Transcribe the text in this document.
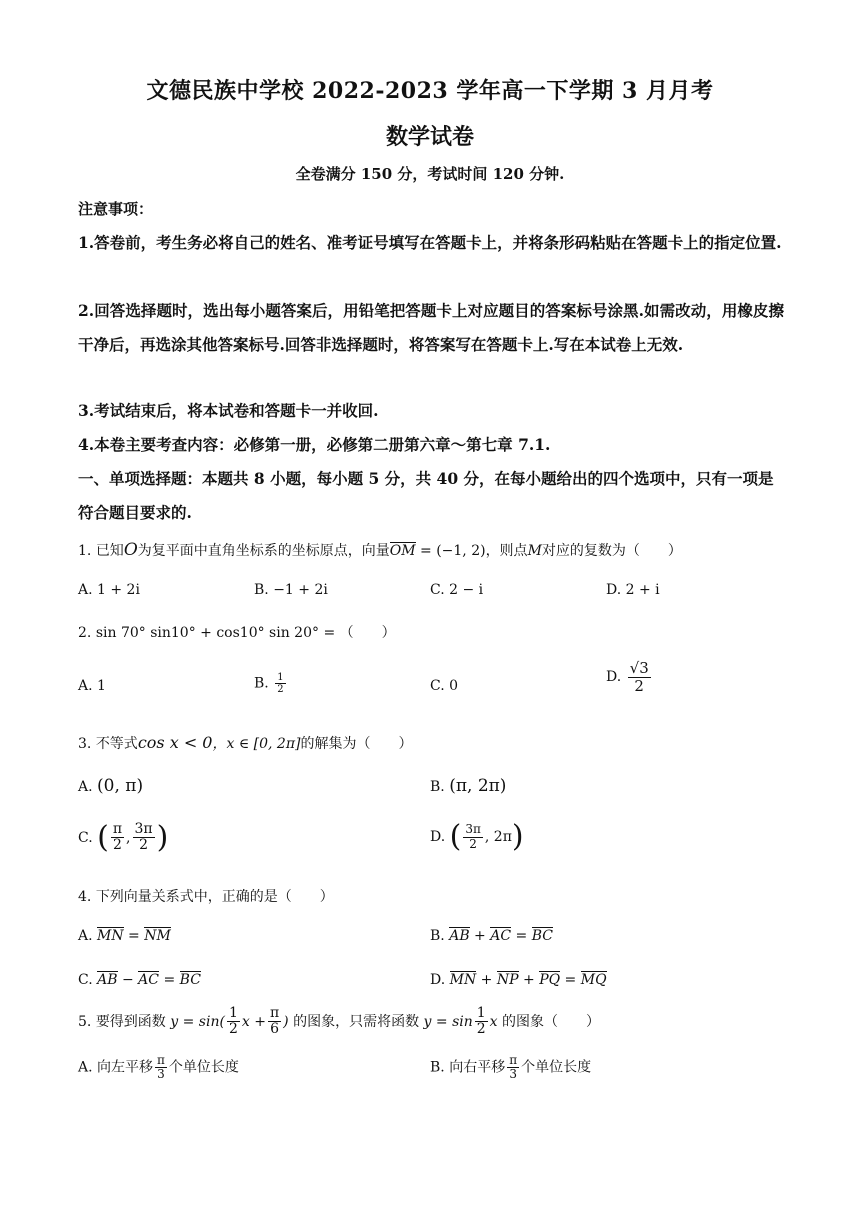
文德民族中学校 2022-2023 学年高一下学期 3 月月考
数学试卷
全卷满分 150 分，考试时间 120 分钟.
注意事项：
1.答卷前，考生务必将自己的姓名、准考证号填写在答题卡上，并将条形码粘贴在答题卡上的指定位置.
2.回答选择题时，选出每小题答案后，用铅笔把答题卡上对应题目的答案标号涂黑.如需改动，用橡皮擦干净后，再选涂其他答案标号.回答非选择题时，将答案写在答题卡上.写在本试卷上无效.
3.考试结束后，将本试卷和答题卡一并收回.
4.本卷主要考查内容：必修第一册，必修第二册第六章～第七章 7.1.
一、单项选择题：本题共 8 小题，每小题 5 分，共 40 分，在每小题给出的四个选项中，只有一项是符合题目要求的.
1. 已知O为复平面中直角坐标系的坐标原点，向量OM = (−1, 2)，则点M对应的复数为（　　）
A. 1 + 2i	B. −1 + 2i	C. 2 − i	D. 2 + i
2. sin 70° sin10° + cos10° sin 20° = （　　）
A. 1	B. $\frac{1}{2}$	C. 0
D. $\frac{√3}{2}$
3. 不等式cos x < 0，x ∈ [0, 2π]的解集为（　　）
A. (0, π)	B. (π, 2π)
C. ( $\frac{\pi}{2}$ , $\frac{3\pi}{2}$ )	D. ( $\frac{3\pi}{2}$ , 2π)
4. 下列向量关系式中，正确的是（　　）
A. MN = NM	B. AB + AC = BC
C. AB − AC = BC	D. MN + NP + PQ = MQ
5. 要得到函数 $y = \sin( \frac{1}{2}$ $x + \frac{\pi}{6}$ ) 的图象，只需将函数 $y = \sin \frac{1}{2}$ x 的图象（　　）
A. 向左平移 $\frac{\pi}{3}$ 个单位长度	B. 向右平移 $\frac{\pi}{3}$ 个单位长度
